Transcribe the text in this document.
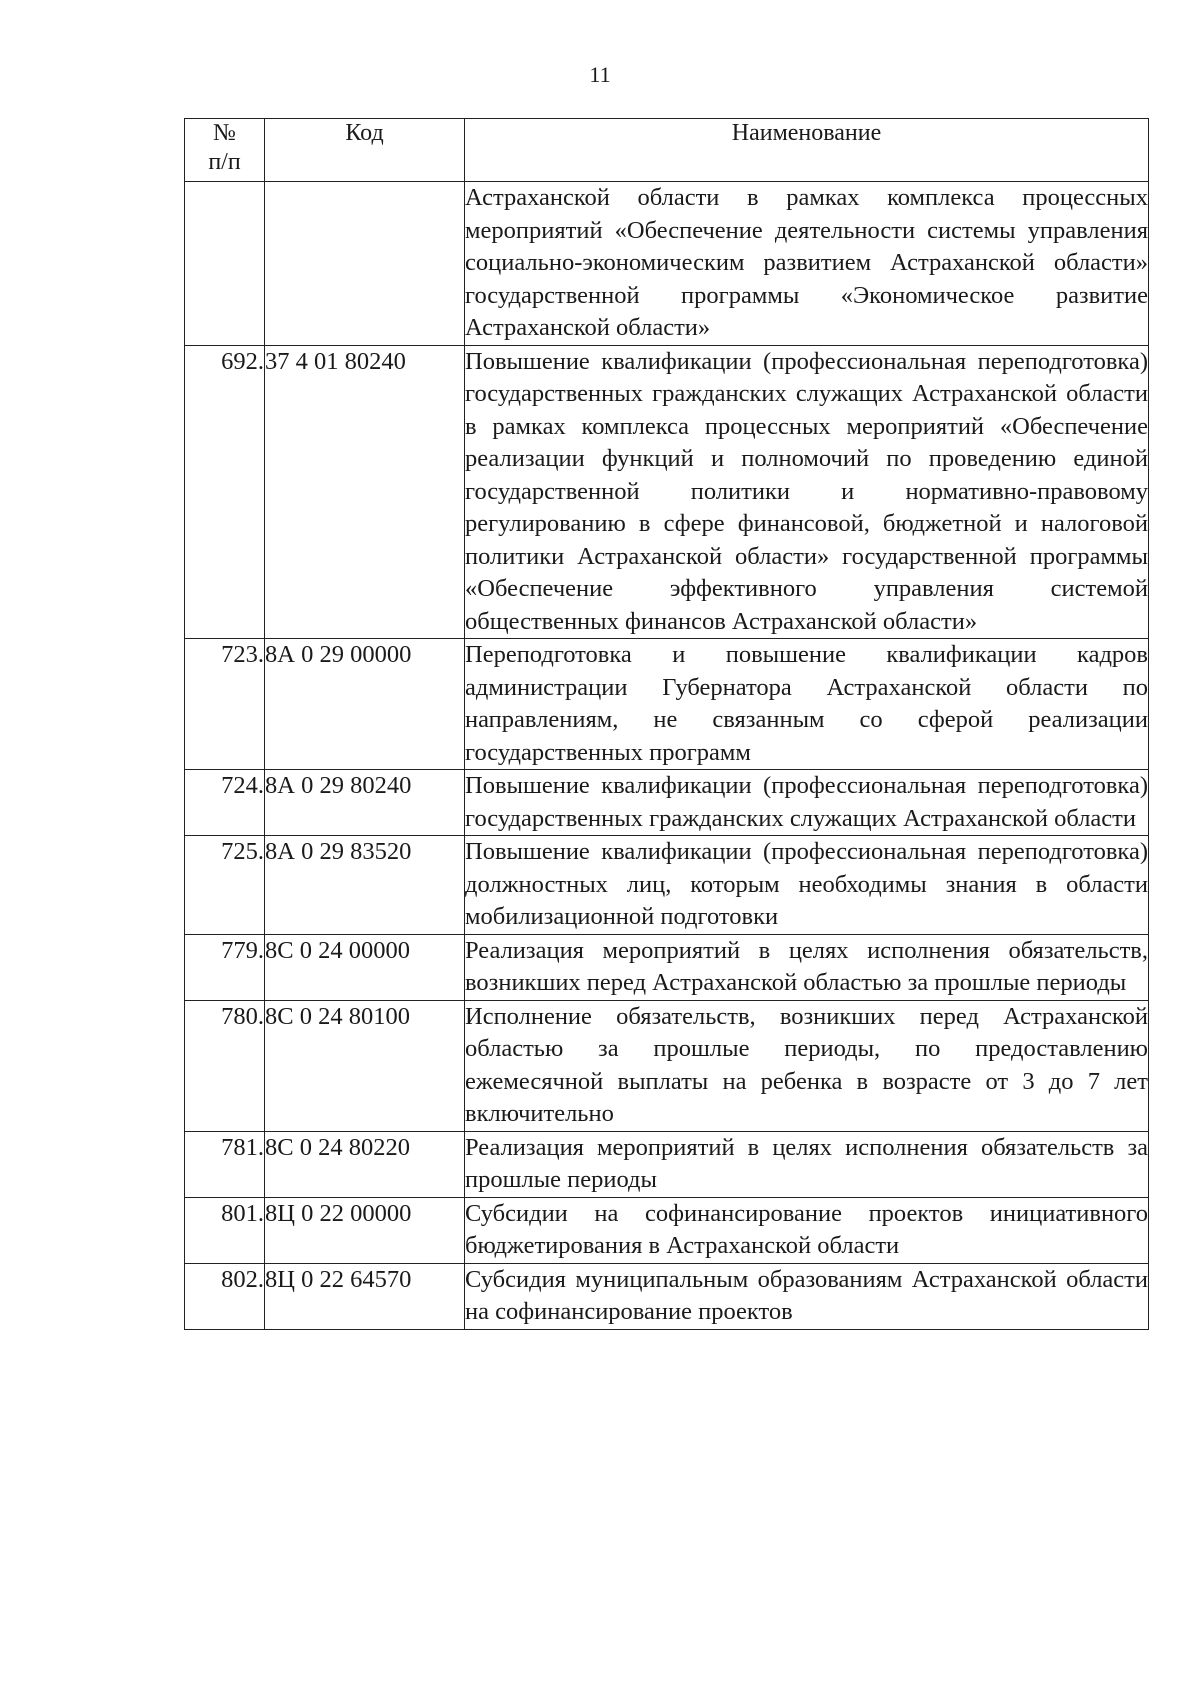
11
№
п/п	Код	Наименование
		Астраханской области в рамках комплекса процессных мероприятий «Обеспечение деятельности системы управления социально-экономическим развитием Астраханской области» государственной программы «Экономическое развитие Астраханской области»
692.	37 4 01 80240	Повышение квалификации (профессиональная переподготовка) государственных гражданских служащих Астраханской области в рамках комплекса процессных мероприятий «Обеспечение реализации функций и полномочий по проведению единой государственной политики и нормативно-правовому регулированию в сфере финансовой, бюджетной и налоговой политики Астраханской области» государственной программы «Обеспечение эффективного управления системой общественных финансов Астраханской области»
723.	8А 0 29 00000	Переподготовка и повышение квалификации кадров администрации Губернатора Астраханской области по направлениям, не связанным со сферой реализации государственных программ
724.	8А 0 29 80240	Повышение квалификации (профессиональная переподготовка) государственных гражданских служащих Астраханской области
725.	8А 0 29 83520	Повышение квалификации (профессиональная переподготовка) должностных лиц, которым необходимы знания в области мобилизационной подготовки
779.	8С 0 24 00000	Реализация мероприятий в целях исполнения обязательств, возникших перед Астраханской областью за прошлые периоды
780.	8С 0 24 80100	Исполнение обязательств, возникших перед Астраханской областью за прошлые периоды, по предоставлению ежемесячной выплаты на ребенка в возрасте от 3 до 7 лет включительно
781.	8С 0 24 80220	Реализация мероприятий в целях исполнения обязательств за прошлые периоды
801.	8Ц 0 22 00000	Субсидии на софинансирование проектов инициативного бюджетирования в Астраханской области
802.	8Ц 0 22 64570	Субсидия муниципальным образованиям Астраханской области на софинансирование проектов
